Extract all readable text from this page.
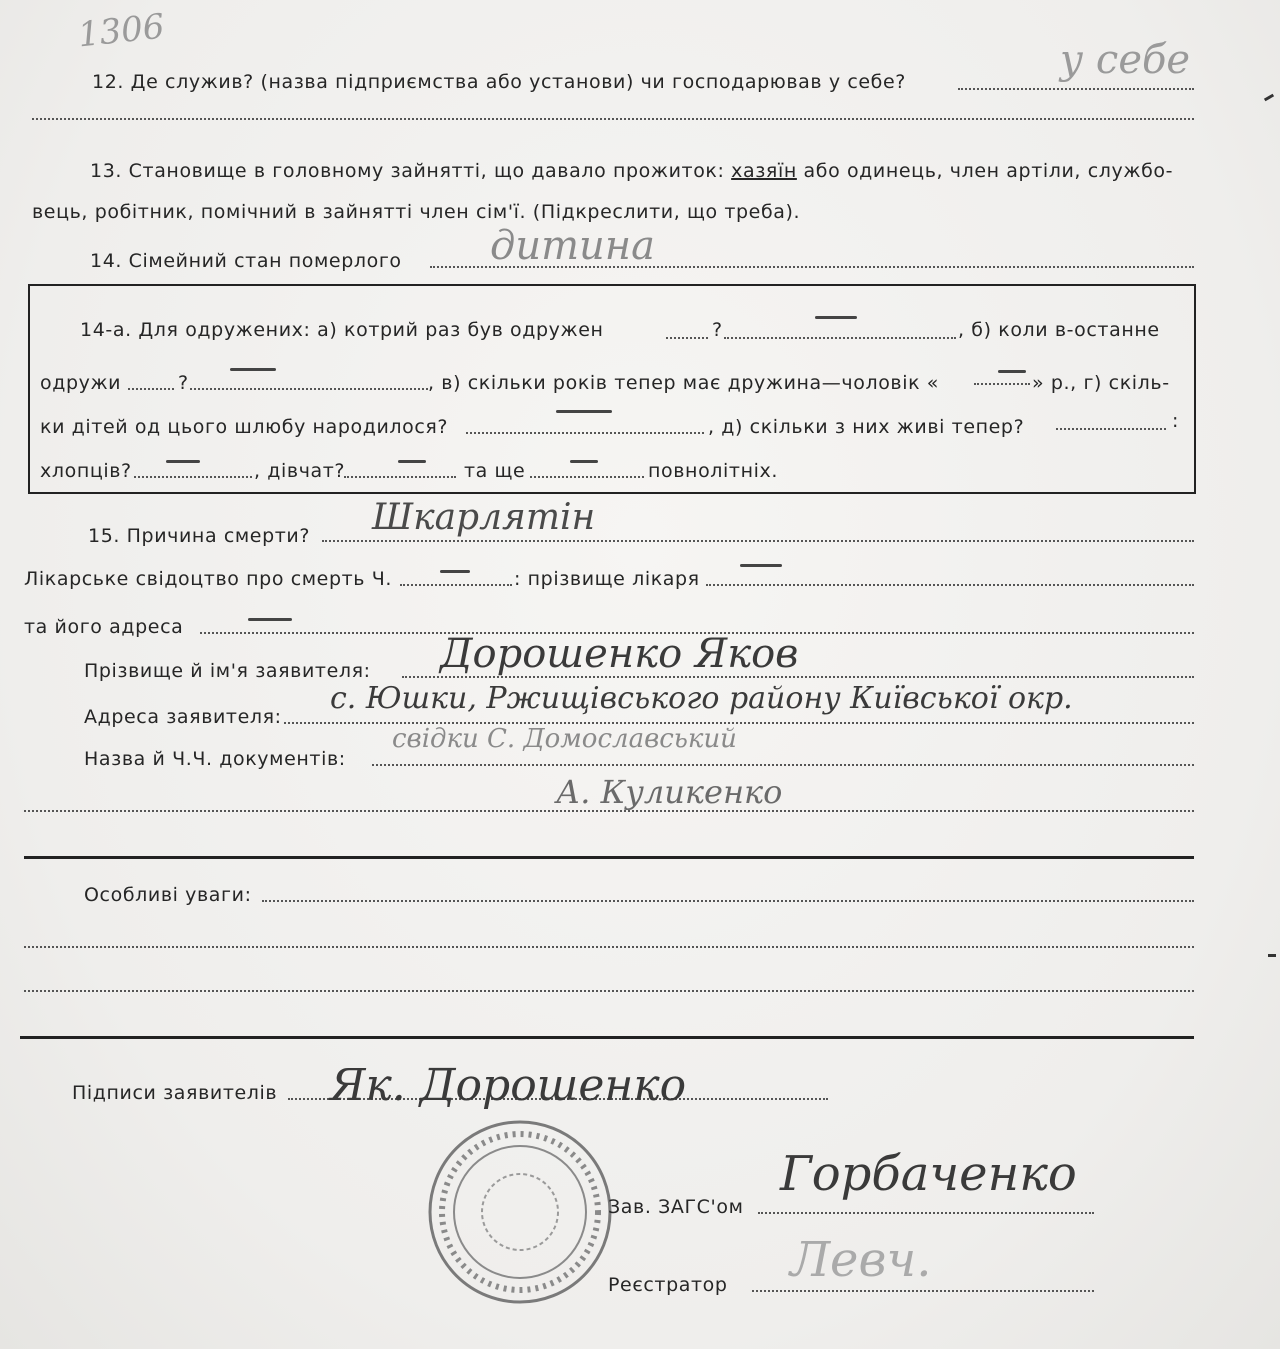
1306
12. Де служив? (назва підприємства або установи) чи господарював у себе?	у себе
13. Становище в головному зайнятті, що давало прожиток: хазяїн або одинець, член артіли, службо-
вець, робітник, помічний в зайнятті член сім'ї. (Підкреслити, що треба).
14. Сімейний стан померлого дитина
14-а. Для одружених: а) котрий раз був одружен	?	, б) коли в-останне
одружи	?	, в) скільки років тепер має дружина—чоловік «	» р., г) скіль-
ки дітей од цього шлюбу народилося?	, д) скільки з них живі тепер?	:
хлопців?	, дівчат?	та ще	повнолітніх.
15. Причина смерти? Шкарлятін
Лікарське свідоцтво про смерть Ч.	: прізвище лікаря
та його адреса
Прізвище й ім'я заявителя: Дорошенко Яков
Адреса заявителя:
с. Юшки, Ржищівського району Київської окр.
Назва й Ч.Ч. документів:
свідки С. Домославський
А. Куликенко
Особливі уваги:
Підписи заявителів Як. Дорошенко
Зав. ЗАГС'ом
Горбаченко
Реєстратор Левч.
